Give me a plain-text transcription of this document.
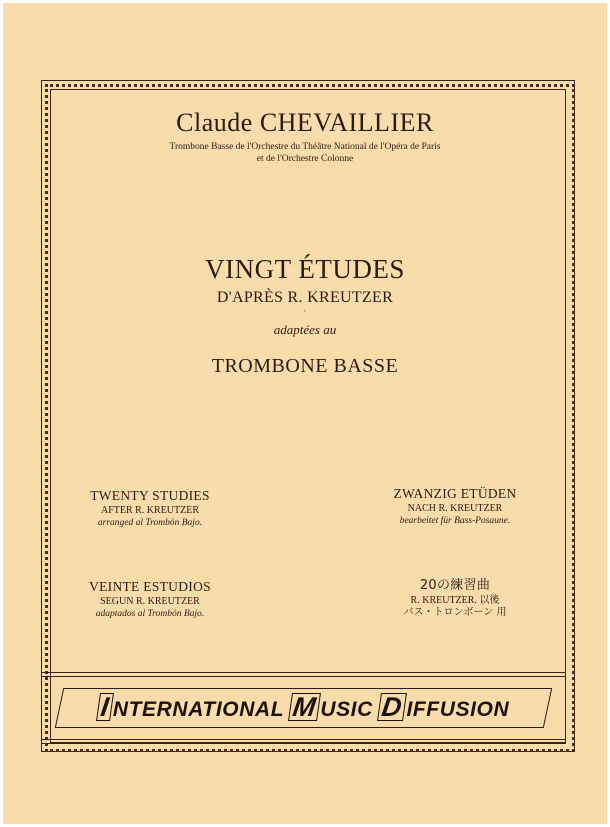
Claude CHEVAILLIER
Trombone Basse de l'Orchestre du Théâtre National de l'Opéra de Paris
et de l'Orchestre Colonne
VINGT ÉTUDES
D'APRÈS R. KREUTZER
·
adaptées au
TROMBONE BASSE
TWENTY STUDIES
AFTER R. KREUTZER
arranged al Trombön Bajo.
VEINTE ESTUDIOS
SEGUN R. KREUTZER
adaptados al Trombön Bajo.
ZWANZIG ETÜDEN
NACH R. KREUTZER
bearbeitet für Bass-Posaune.
20の練習曲
R. KREUTZER. 以後
バス・トロンボーン 用
INTERNATIONAL MUSIC DIFFUSION
